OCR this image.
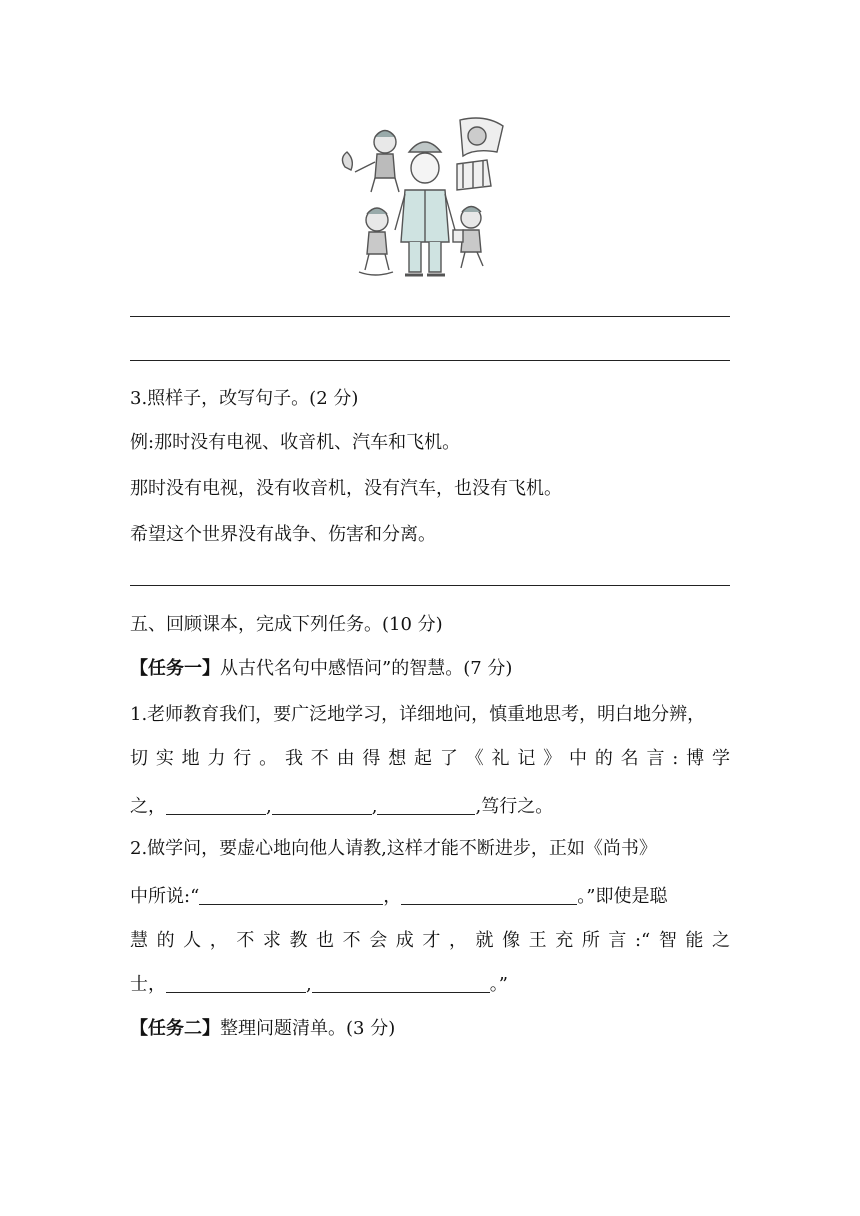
3.照样子，改写句子。(2 分)
例:那时没有电视、收音机、汽车和飞机。
那时没有电视，没有收音机，没有汽车，也没有飞机。
希望这个世界没有战争、伤害和分离。
五、回顾课本，完成下列任务。(10 分)
【任务一】从古代名句中感悟问”的智慧。(7 分)
1.老师教育我们，要广泛地学习，详细地问，慎重地思考，明白地分辨，
切实地力行。我不由得想起了《礼记》中的名言:博学
之，	,	,	,笃行之。
2.做学问，要虚心地向他人请教,这样才能不断进步，正如《尚书》
中所说:“	，	。”即使是聪
慧的人，不求教也不会成才，就像王充所言:“智能之
士，	,	。”
【任务二】整理问题清单。(3 分)
